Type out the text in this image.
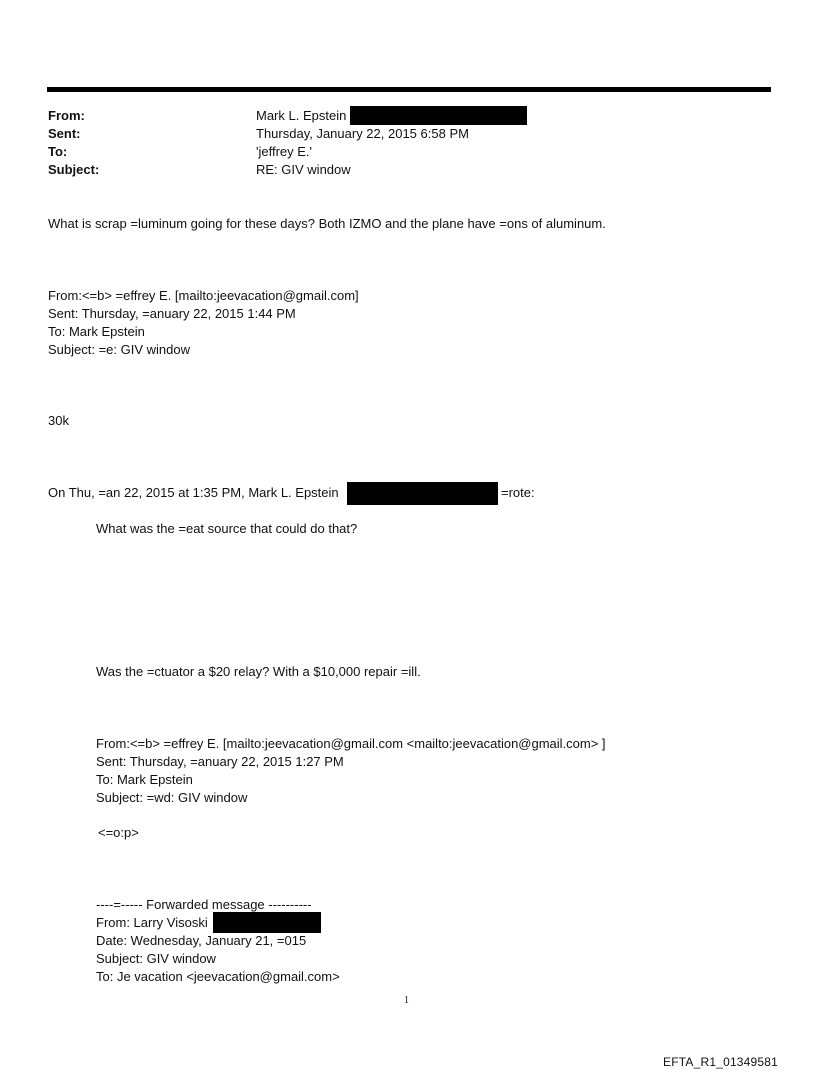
From:	Mark L. Epstein
Sent:	Thursday, January 22, 2015 6:58 PM
To:	'jeffrey E.'
Subject:	RE: GIV window
What is scrap =luminum going for these days? Both IZMO and the plane have =ons of aluminum.
From:<=b> =effrey E. [mailto:jeevacation@gmail.com]
Sent: Thursday, =anuary 22, 2015 1:44 PM
To: Mark Epstein
Subject: =e: GIV window
30k
On Thu, =an 22, 2015 at 1:35 PM, Mark L. Epstein	=rote:
What was the =eat source that could do that?
Was the =ctuator a $20 relay? With a $10,000 repair =ill.
From:<=b> =effrey E. [mailto:jeevacation@gmail.com <mailto:jeevacation@gmail.com> ]
Sent: Thursday, =anuary 22, 2015 1:27 PM
To: Mark Epstein
Subject: =wd: GIV window
<=o:p>
----=----- Forwarded message ----------
From: Larry Visoski
Date: Wednesday, January 21, =015
Subject: GIV window
To: Je vacation <jeevacation@gmail.com>
1
EFTA_R1_01349581
